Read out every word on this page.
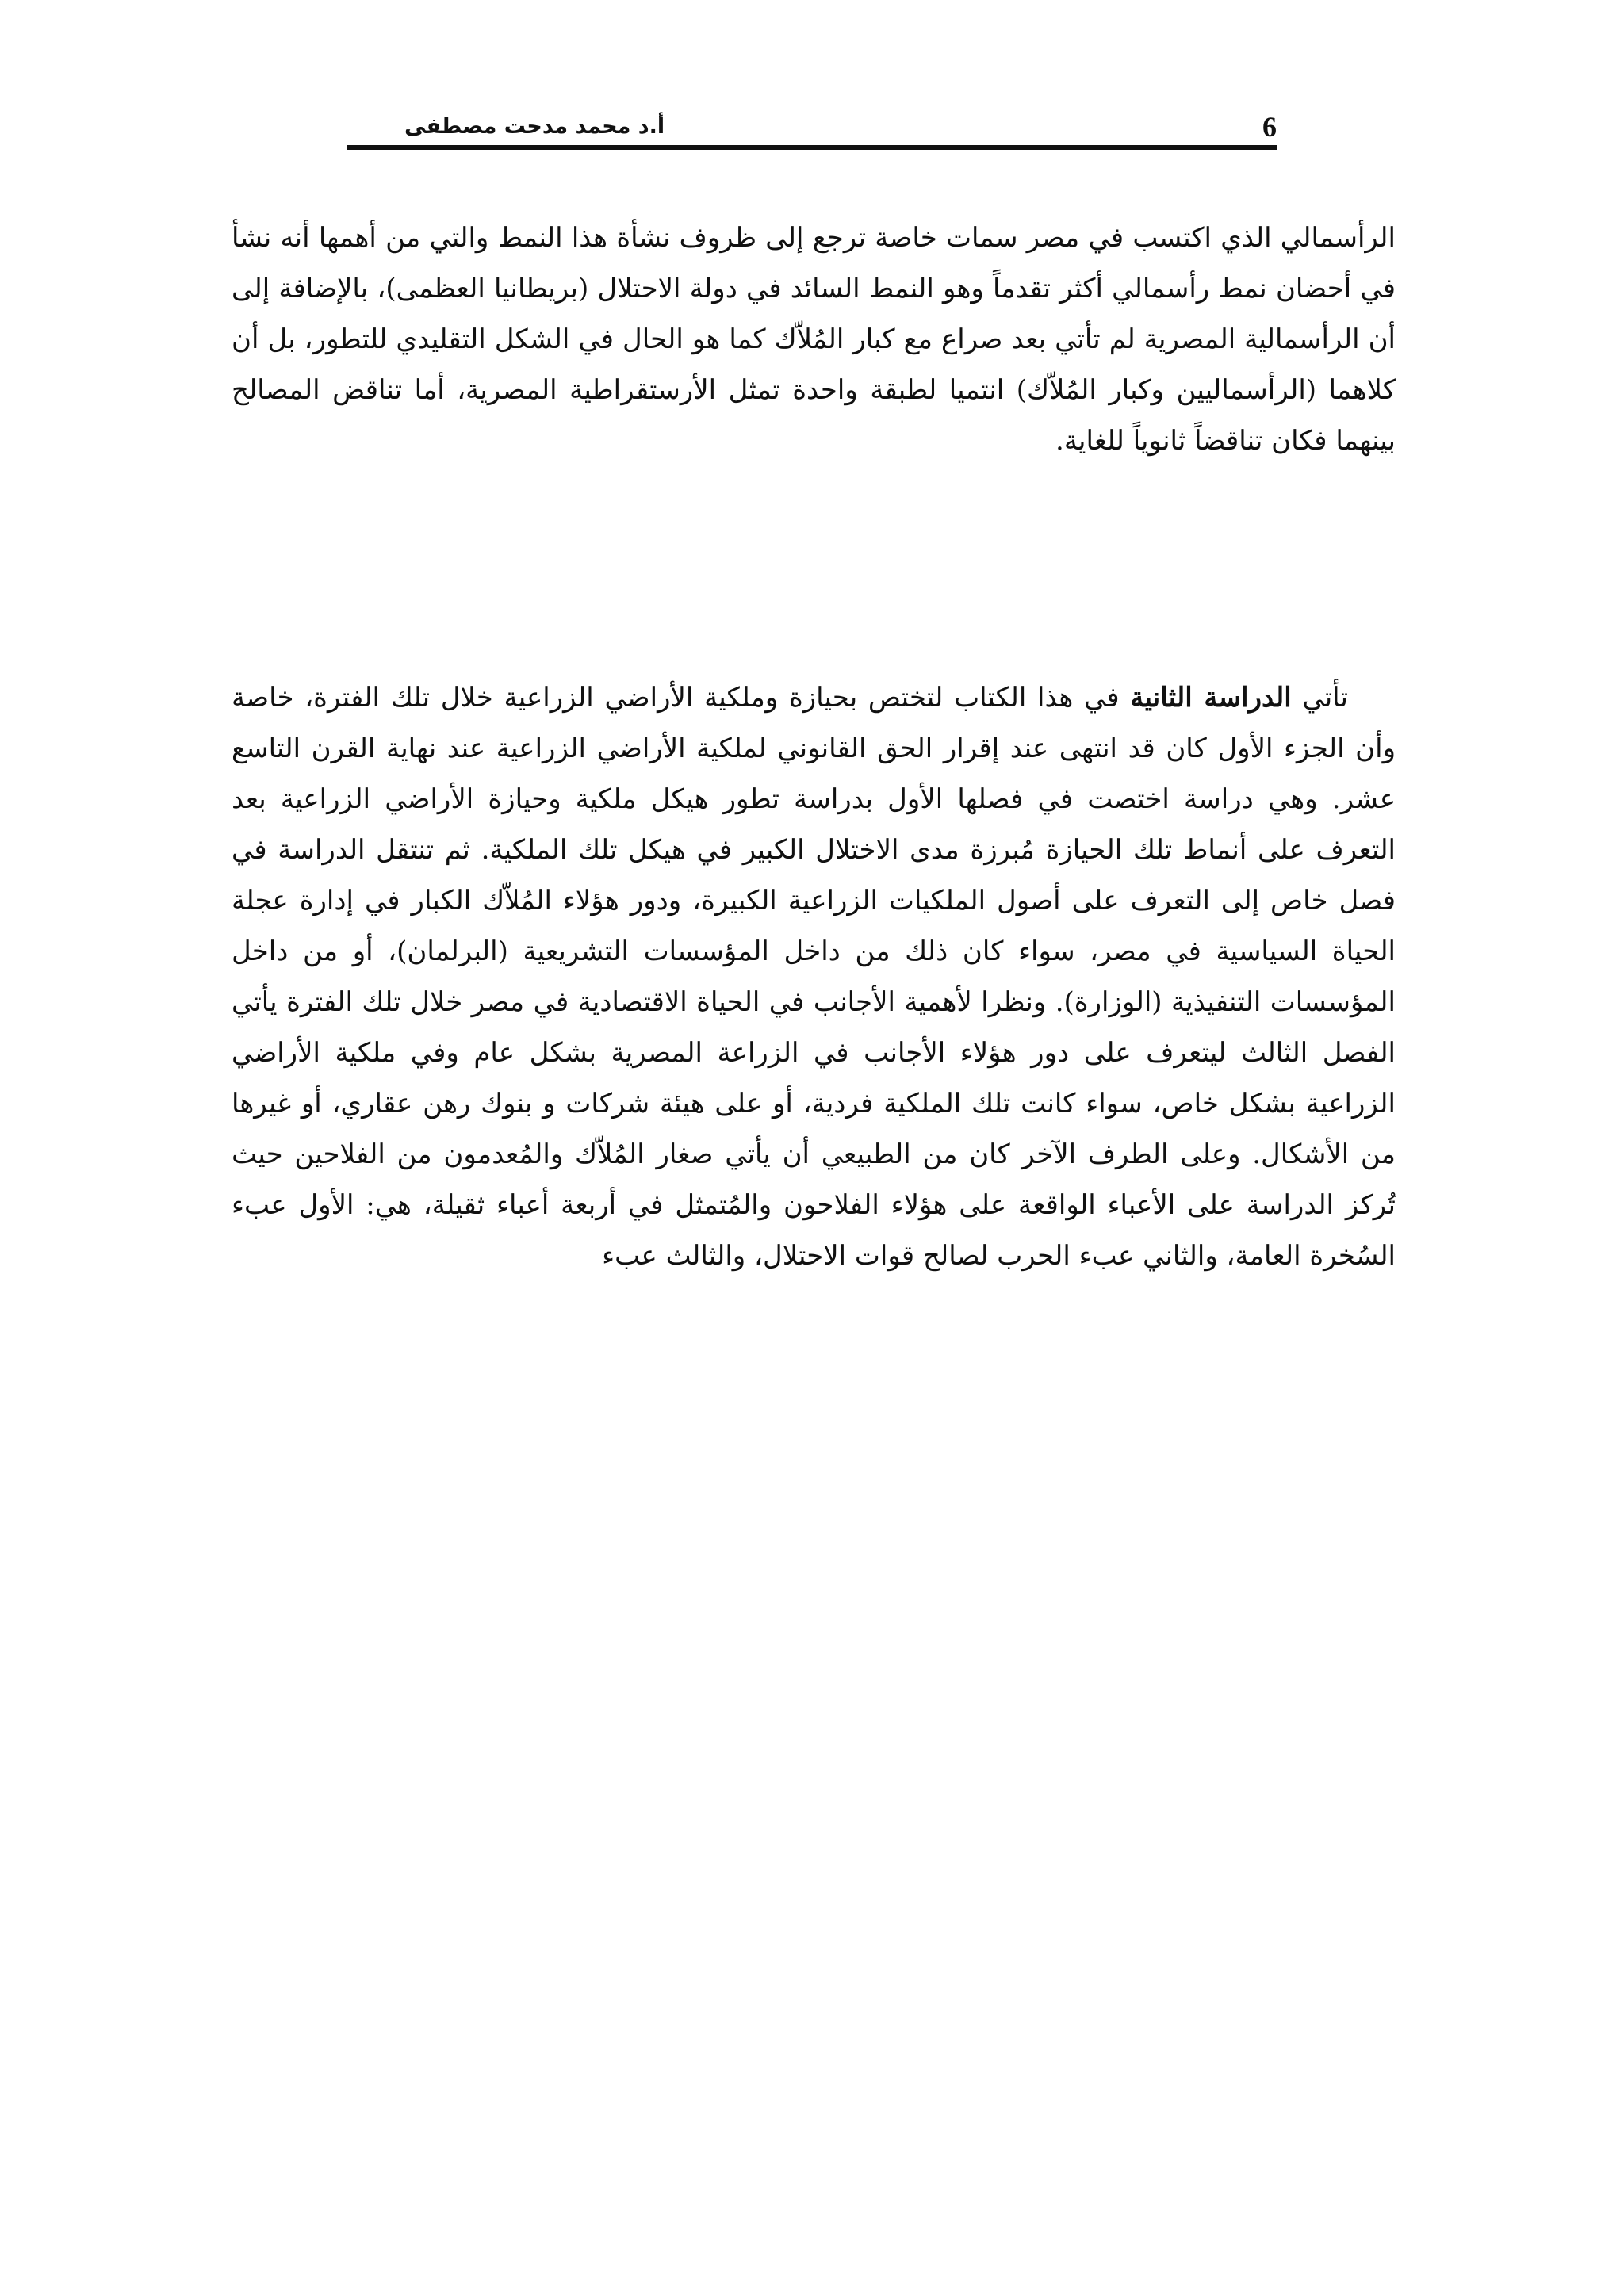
6
أ.د محمد مدحت مصطفى

الرأسمالي الذي اكتسب في مصر سمات خاصة ترجع إلى ظروف نشأة هذا النمط والتي من أهمها أنه نشأ في أحضان نمط رأسمالي أكثر تقدماً وهو النمط السائد في دولة الاحتلال (بريطانيا العظمى)، بالإضافة إلى أن الرأسمالية المصرية لم تأتي بعد صراع مع كبار المُلاّك كما هو الحال في الشكل التقليدي للتطور، بل أن كلاهما (الرأسماليين وكبار المُلاّك) انتميا لطبقة واحدة تمثل الأرستقراطية المصرية، أما تناقض المصالح بينهما فكان تناقضاً ثانوياً للغاية.

تأتي الدراسة الثانية في هذا الكتاب لتختص بحيازة وملكية الأراضي الزراعية خلال تلك الفترة، خاصة وأن الجزء الأول كان قد انتهى عند إقرار الحق القانوني لملكية الأراضي الزراعية عند نهاية القرن التاسع عشر. وهي دراسة اختصت في فصلها الأول بدراسة تطور هيكل ملكية وحيازة الأراضي الزراعية بعد التعرف على أنماط تلك الحيازة مُبرزة مدى الاختلال الكبير في هيكل تلك الملكية. ثم تنتقل الدراسة في فصل خاص إلى التعرف على أصول الملكيات الزراعية الكبيرة، ودور هؤلاء المُلاّك الكبار في إدارة عجلة الحياة السياسية في مصر، سواء كان ذلك من داخل المؤسسات التشريعية (البرلمان)، أو من داخل المؤسسات التنفيذية (الوزارة). ونظرا لأهمية الأجانب في الحياة الاقتصادية في مصر خلال تلك الفترة يأتي الفصل الثالث ليتعرف على دور هؤلاء الأجانب في الزراعة المصرية بشكل عام وفي ملكية الأراضي الزراعية بشكل خاص، سواء كانت تلك الملكية فردية، أو على هيئة شركات و بنوك رهن عقاري، أو غيرها من الأشكال. وعلى الطرف الآخر كان من الطبيعي أن يأتي صغار المُلاّك والمُعدمون من الفلاحين حيث تُركز الدراسة على الأعباء الواقعة على هؤلاء الفلاحون والمُتمثل في أربعة أعباء ثقيلة، هي: الأول عبء السُخرة العامة، والثاني عبء الحرب لصالح قوات الاحتلال، والثالث عبء
